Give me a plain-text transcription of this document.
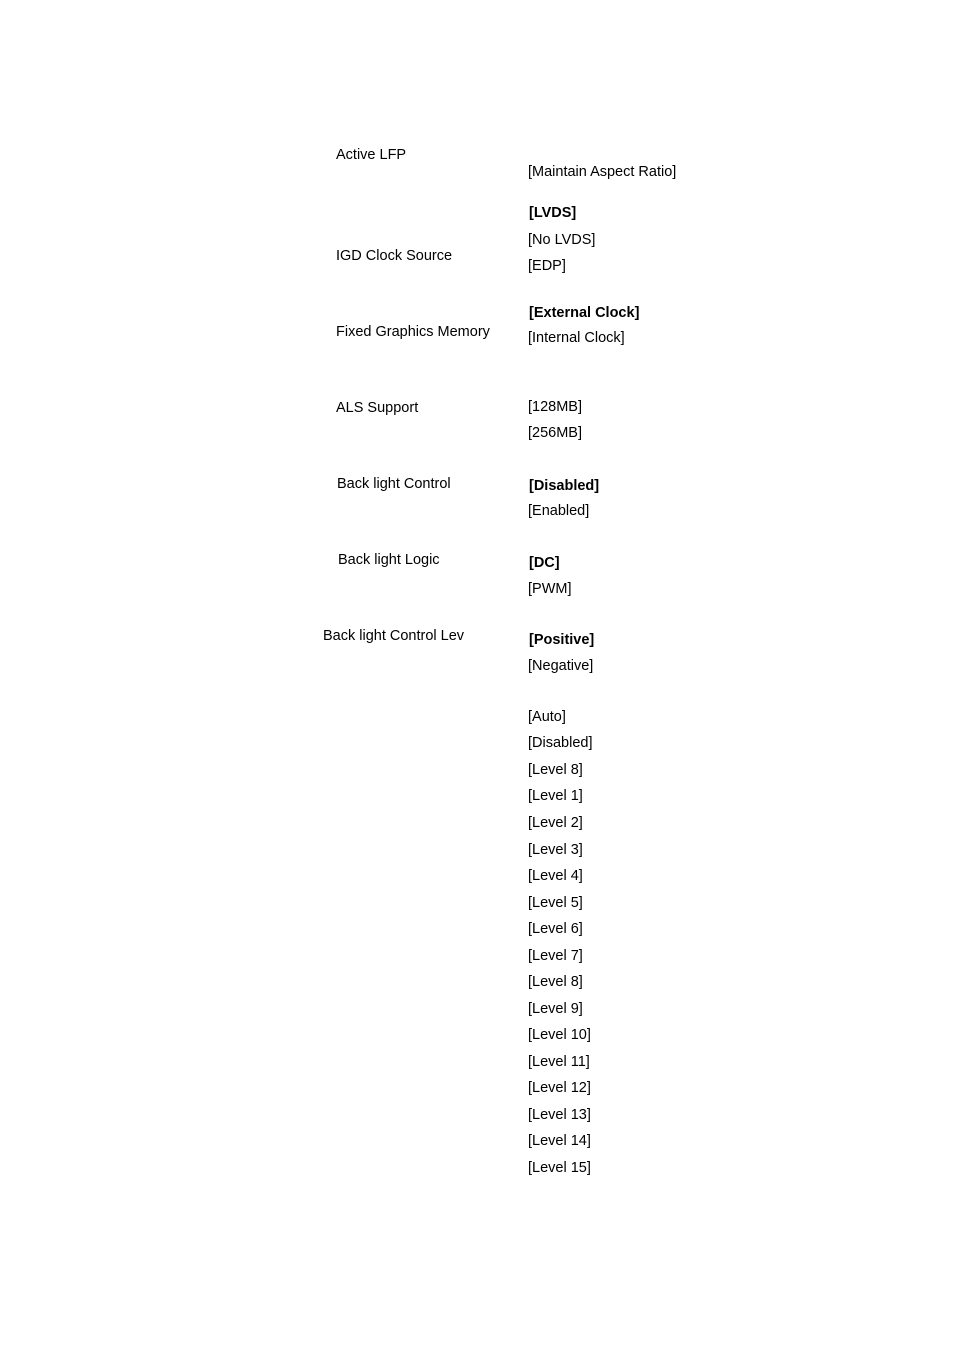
Active LFP
IGD Clock Source
Fixed Graphics Memory
ALS Support
Back light Control
Back light Logic
Back light Control Lev
[Maintain Aspect Ratio]
[LVDS]
[No LVDS]
[EDP]
[External Clock]
[Internal Clock]
[128MB]
[256MB]
[Disabled]
[Enabled]
[DC]
[PWM]
[Positive]
[Negative]
[Auto]
[Disabled]
[Level 8]
[Level 1]
[Level 2]
[Level 3]
[Level 4]
[Level 5]
[Level 6]
[Level 7]
[Level 8]
[Level 9]
[Level 10]
[Level 11]
[Level 12]
[Level 13]
[Level 14]
[Level 15]
